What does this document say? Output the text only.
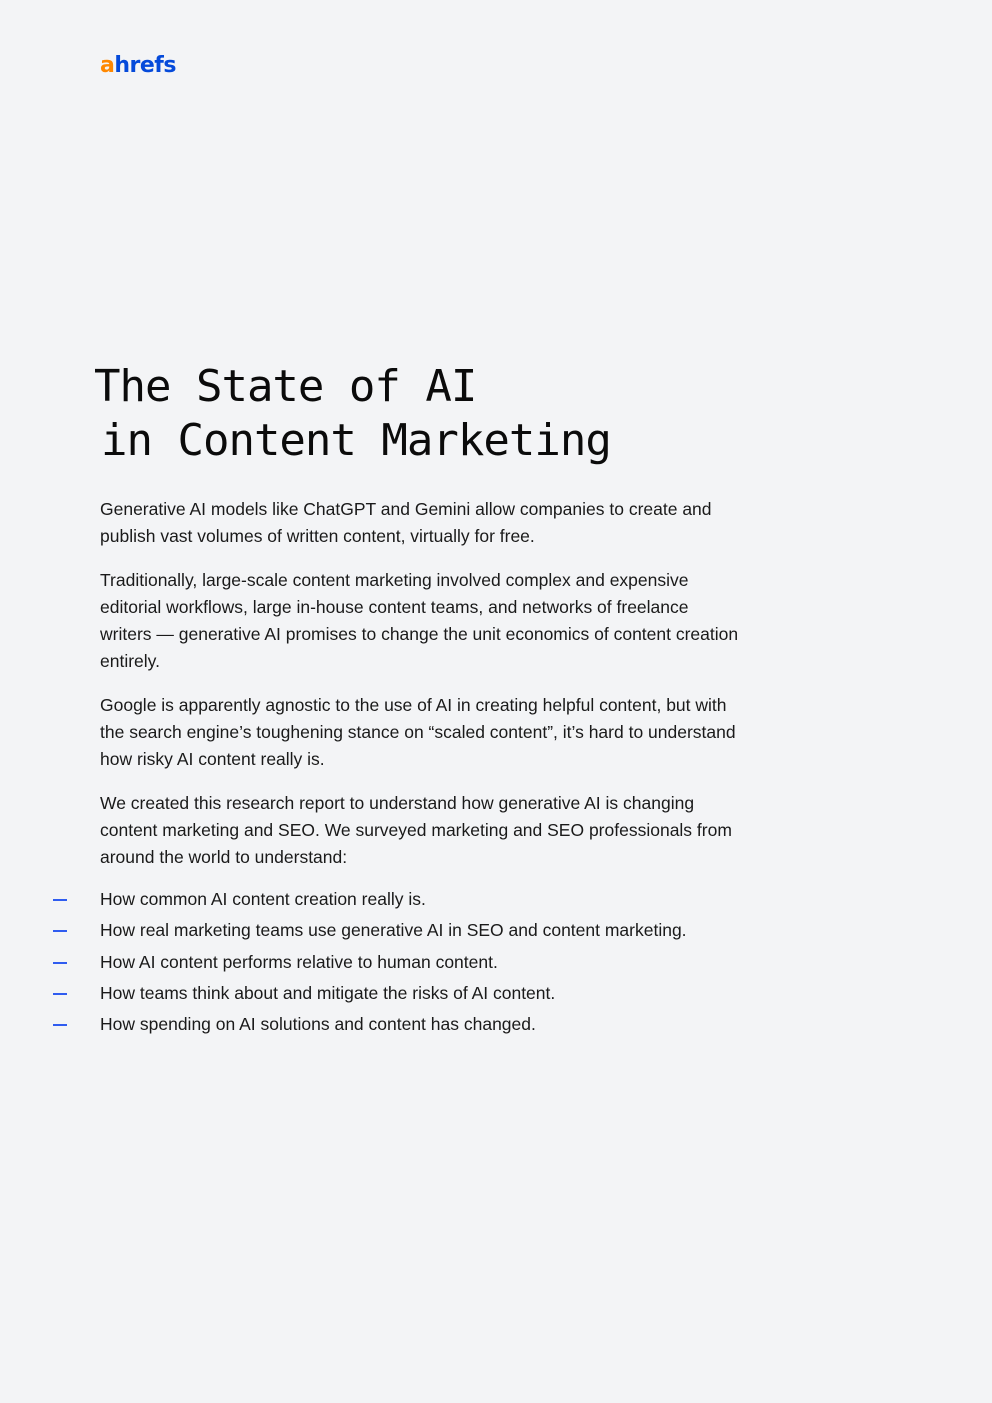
ahrefs
The State of AI
in Content Marketing

Generative AI models like ChatGPT and Gemini allow companies to create and publish vast volumes of written content, virtually for free.

Traditionally, large-scale content marketing involved complex and expensive editorial workflows, large in-house content teams, and networks of freelance writers — generative AI promises to change the unit economics of content creation entirely.

Google is apparently agnostic to the use of AI in creating helpful content, but with the search engine’s toughening stance on “scaled content”, it’s hard to understand how risky AI content really is.

We created this research report to understand how generative AI is changing content marketing and SEO. We surveyed marketing and SEO professionals from around the world to understand:

How common AI content creation really is.
How real marketing teams use generative AI in SEO and content marketing.
How AI content performs relative to human content.
How teams think about and mitigate the risks of AI content.
How spending on AI solutions and content has changed.
